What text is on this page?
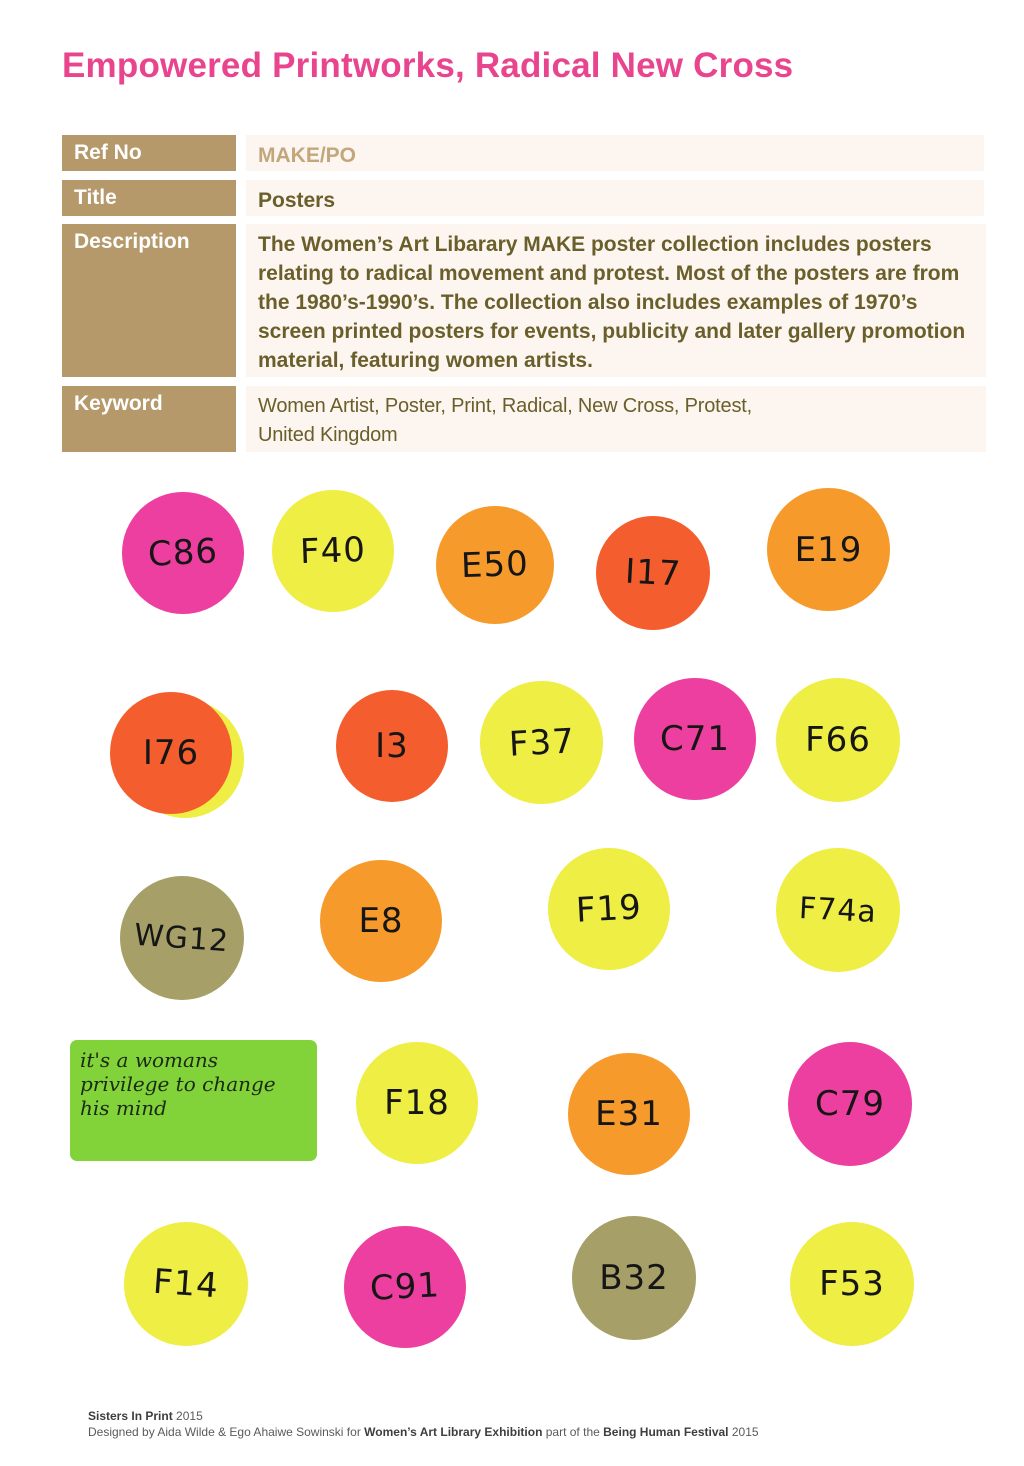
Empowered Printworks, Radical New Cross
Ref No	MAKE/PO
Title	Posters
Description	The Women’s Art Libarary MAKE poster collection includes posters relating to radical movement and protest. Most of the posters are from the 1980’s-1990’s. The collection also includes examples of 1970’s screen printed posters for events, publicity and later gallery promotion material, featuring women artists.
Keyword	Women Artist, Poster, Print, Radical, New Cross, Protest,
United Kingdom
C86 F40	E50	I17
E19
I76	I3	F37 C71 F66
WG12	E8	F19	F74a
F18	E31	C79
F14	C91	B32	F53
it's a womans privilege to change his mind
Sisters In Print 2015
Designed by Aida Wilde & Ego Ahaiwe Sowinski for Women’s Art Library Exhibition part of the Being Human Festival 2015
